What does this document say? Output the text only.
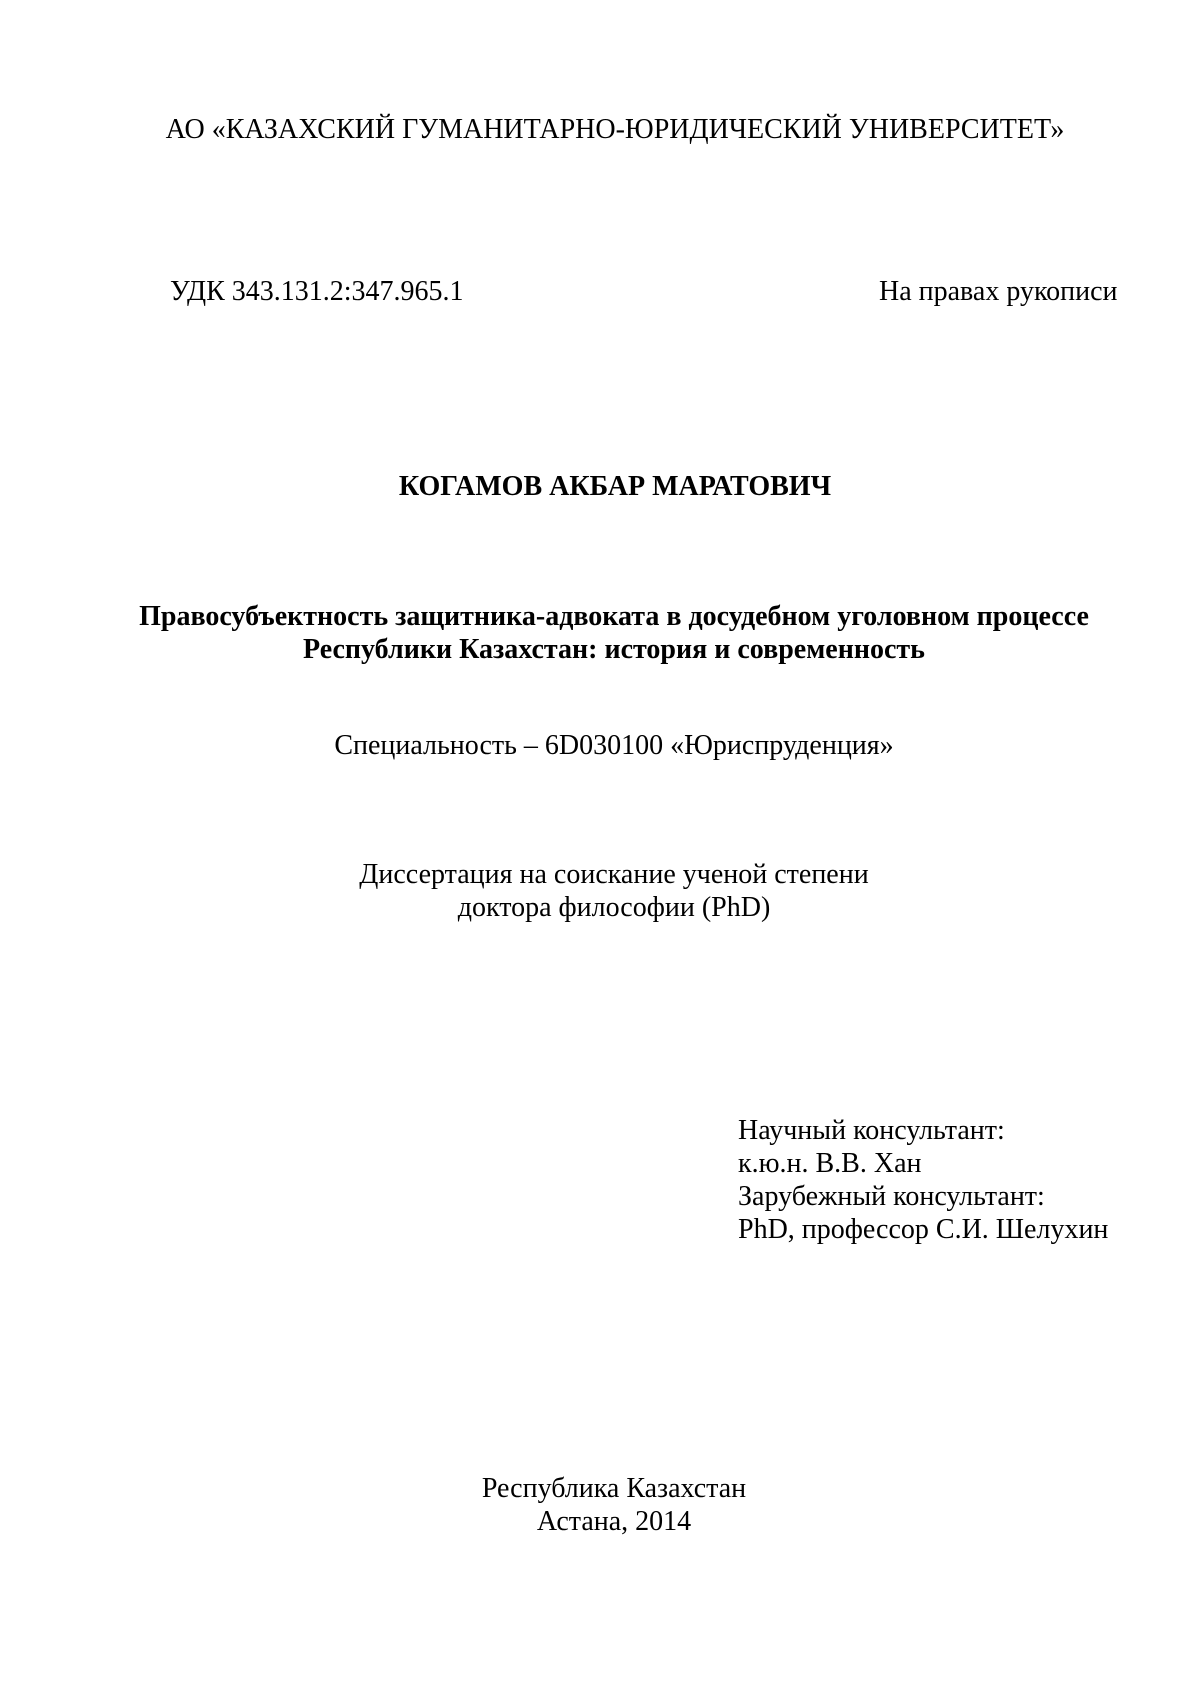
АО «КАЗАХСКИЙ ГУМАНИТАРНО-ЮРИДИЧЕСКИЙ УНИВЕРСИТЕТ»
УДК 343.131.2:347.965.1	На правах рукописи
КОГАМОВ АКБАР МАРАТОВИЧ
Правосубъектность защитника-адвоката в досудебном уголовном процессе
Республики Казахстан: история и современность
Специальность – 6D030100 «Юриспруденция»
Диссертация на соискание ученой степени
доктора философии (PhD)
Научный консультант:
к.ю.н. В.В. Хан
Зарубежный консультант:
PhD, профессор С.И. Шелухин
Республика Казахстан
Астана, 2014
